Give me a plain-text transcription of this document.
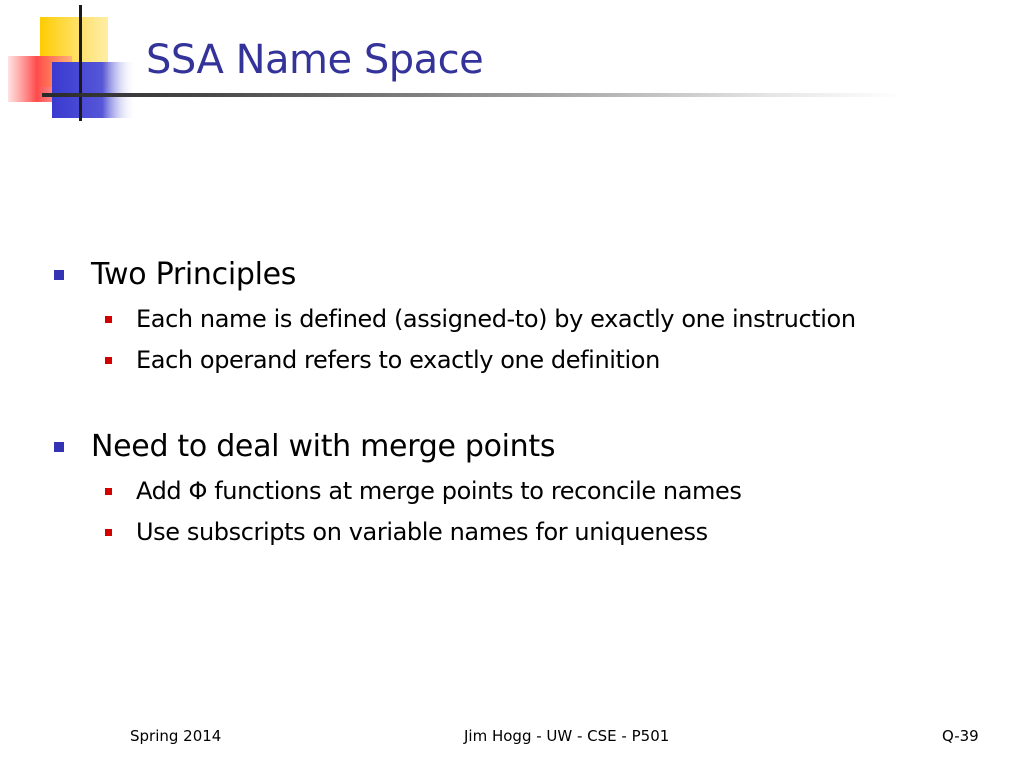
SSA Name Space
Two Principles
Each name is defined (assigned-to) by exactly one instruction
Each operand refers to exactly one definition
Need to deal with merge points
Add Φ functions at merge points to reconcile names
Use subscripts on variable names for uniqueness
Spring 2014	Jim Hogg - UW - CSE - P501	Q-39
